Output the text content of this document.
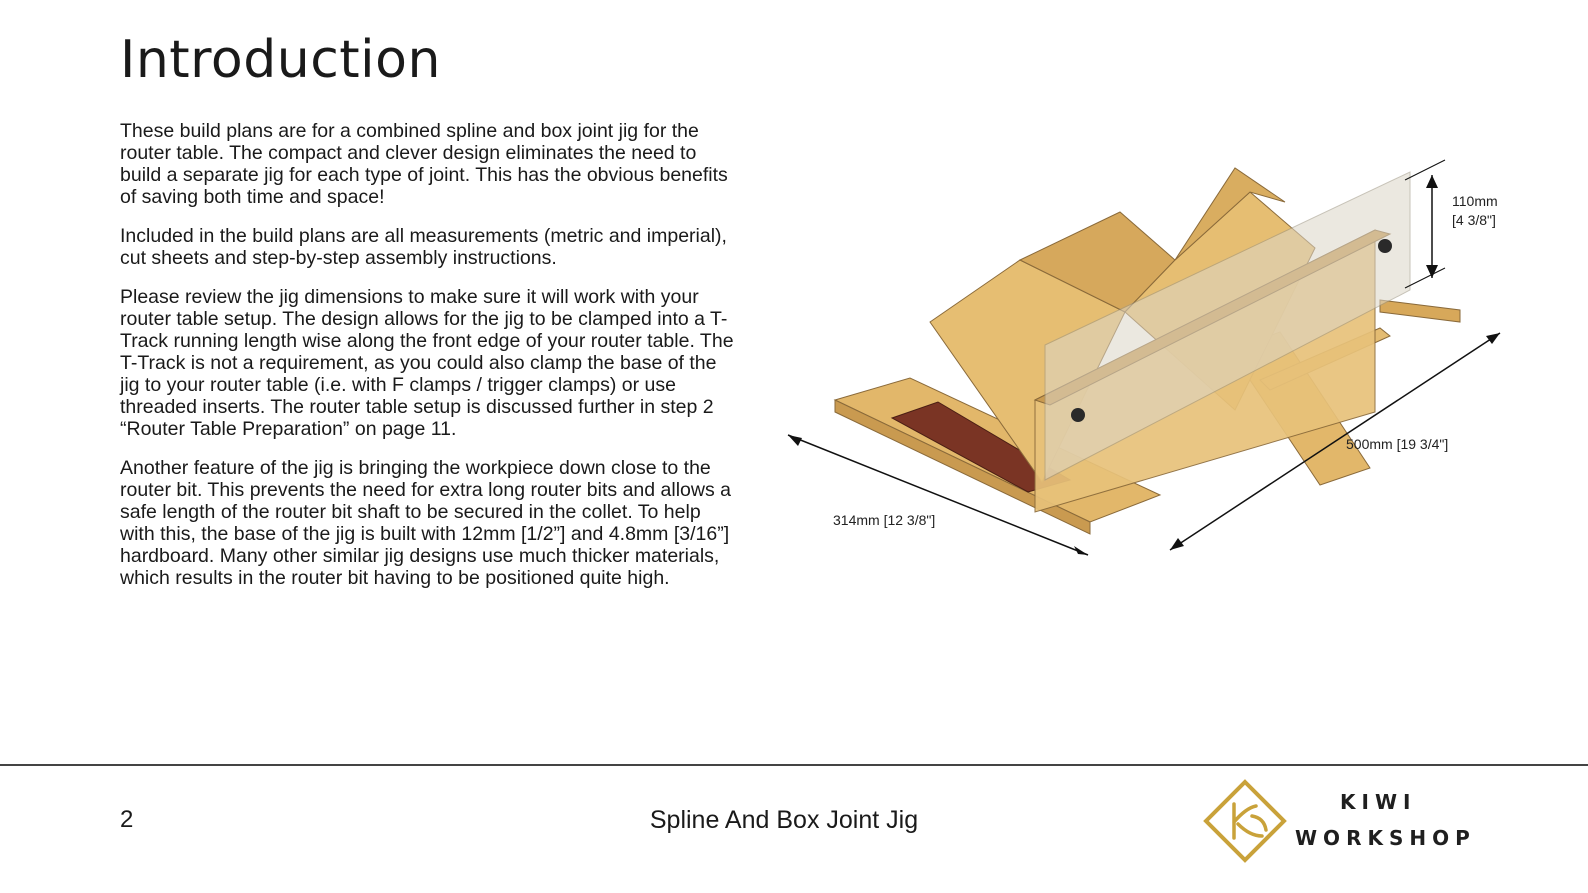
Introduction

These build plans are for a combined spline and box joint jig for the router table. The compact and clever design eliminates the need to build a separate jig for each type of joint. This has the obvious benefits of saving both time and space!

Included in the build plans are all measurements (metric and imperial), cut sheets and step-by-step assembly instructions.

Please review the jig dimensions to make sure it will work with your router table setup. The design allows for the jig to be clamped into a T-Track running length wise along the front edge of your router table. The T-Track is not a requirement, as you could also clamp the base of the jig to your router table (i.e. with F clamps / trigger clamps) or use threaded inserts. The router table setup is discussed further in step 2 “Router Table Preparation” on page 11.

Another feature of the jig is bringing the workpiece down close to the router bit. This prevents the need for extra long router bits and allows a safe length of the router bit shaft to be secured in the collet. To help with this, the base of the jig is built with 12mm [1/2”] and 4.8mm [3/16”] hardboard. Many other similar jig designs use much thicker materials, which results in the router bit having to be positioned quite high.

110mm
[4 3/8"]
500mm [19 3/4"]
314mm [12 3/8"]
2	Spline And Box Joint Jig
KIWI
WORKSHOP
